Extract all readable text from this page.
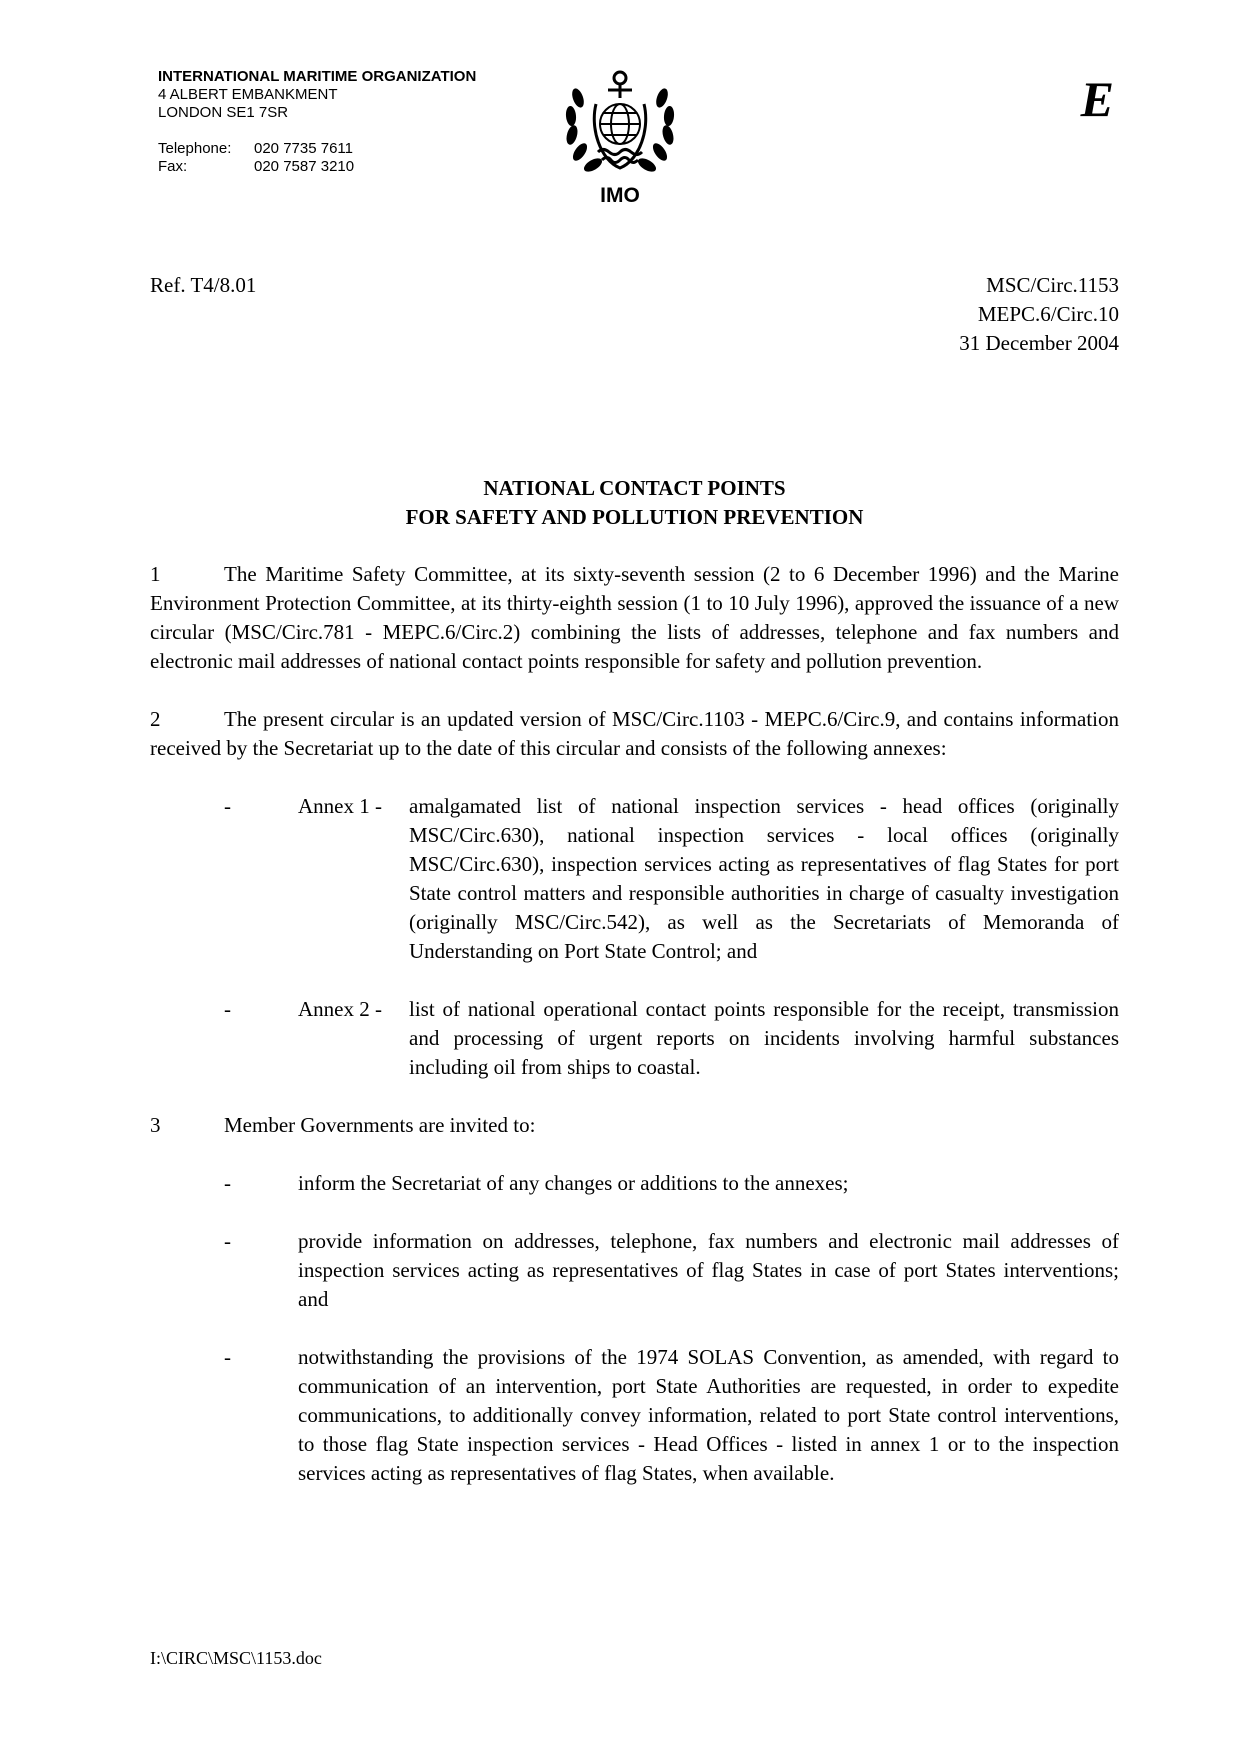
INTERNATIONAL MARITIME ORGANIZATION
4 ALBERT EMBANKMENT
LONDON SE1 7SR
Telephone:	020 7735 7611
Fax:	020 7587 3210
IMO
E
Ref. T4/8.01	MSC/Circ.1153
MEPC.6/Circ.10
31 December 2004
NATIONAL CONTACT POINTS
FOR SAFETY AND POLLUTION PREVENTION
1	The Maritime Safety Committee, at its sixty-seventh session (2 to 6 December 1996) and the Marine Environment Protection Committee, at its thirty-eighth session (1 to 10 July 1996), approved the issuance of a new circular (MSC/Circ.781 - MEPC.6/Circ.2) combining the lists of addresses, telephone and fax numbers and electronic mail addresses of national contact points responsible for safety and pollution prevention.
2	The present circular is an updated version of MSC/Circ.1103 - MEPC.6/Circ.9, and contains information received by the Secretariat up to the date of this circular and consists of the following annexes:
-	Annex 1 -	amalgamated list of national inspection services - head offices (originally MSC/Circ.630), national inspection services - local offices (originally MSC/Circ.630), inspection services acting as representatives of flag States for port State control matters and responsible authorities in charge of casualty investigation (originally MSC/Circ.542), as well as the Secretariats of Memoranda of Understanding on Port State Control; and
-	Annex 2 -	list of national operational contact points responsible for the receipt, transmission and processing of urgent reports on incidents involving harmful substances including oil from ships to coastal.
3	Member Governments are invited to:
-	inform the Secretariat of any changes or additions to the annexes;
-	provide information on addresses, telephone, fax numbers and electronic mail addresses of inspection services acting as representatives of flag States in case of port States interventions; and
-	notwithstanding the provisions of the 1974 SOLAS Convention, as amended, with regard to communication of an intervention, port State Authorities are requested, in order to expedite communications, to additionally convey information, related to port State control interventions, to those flag State inspection services - Head Offices - listed in annex 1 or to the inspection services acting as representatives of flag States, when available.
I:\CIRC\MSC\1153.doc
